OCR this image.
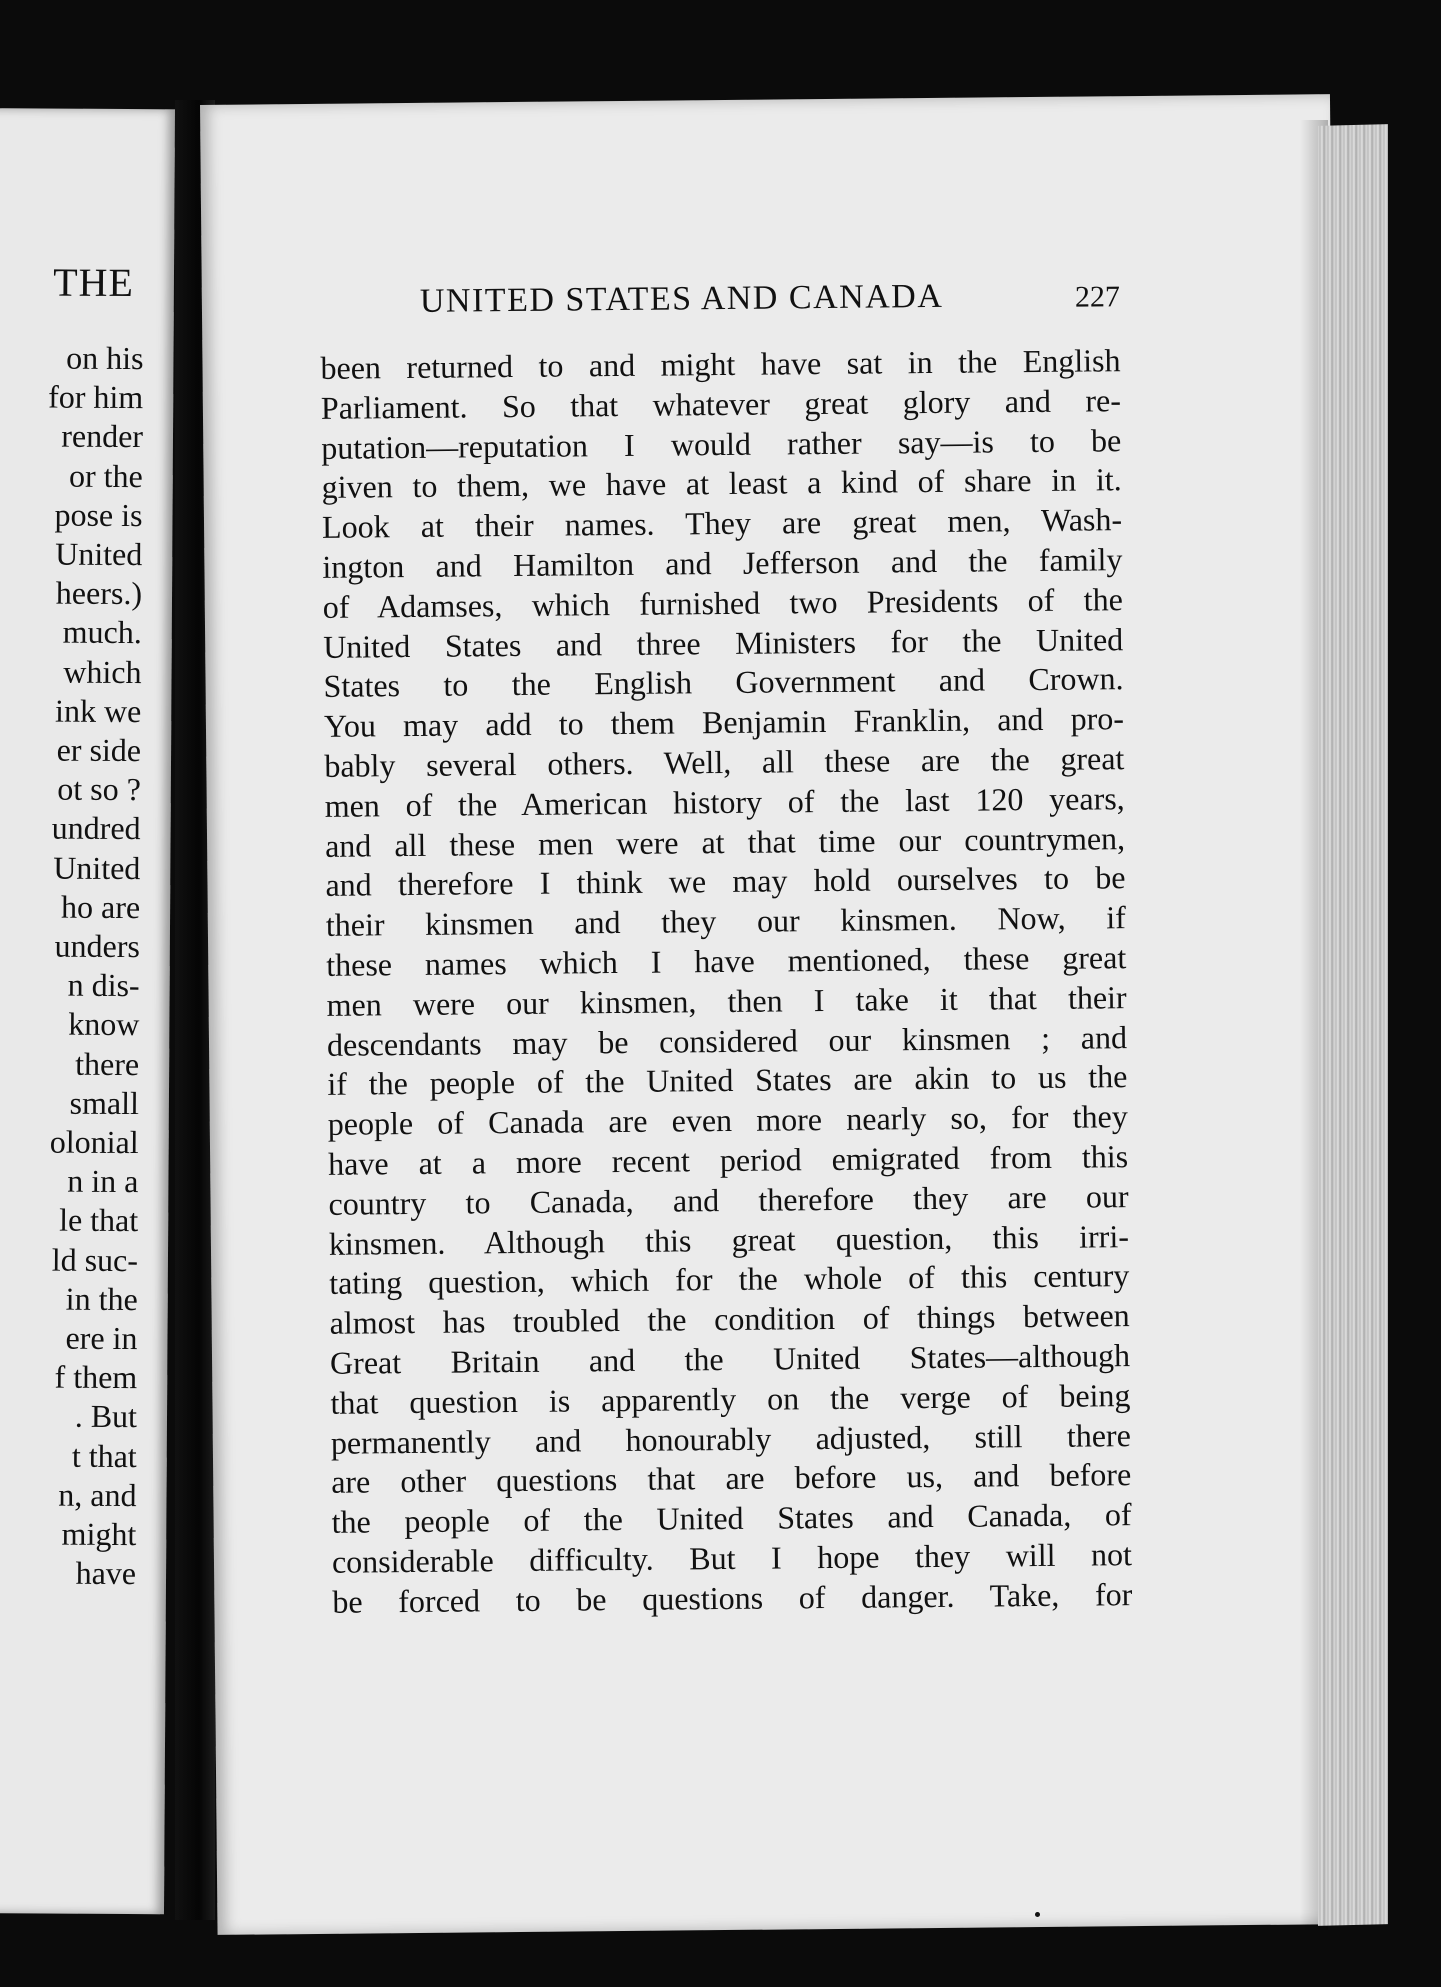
THE
on his
for him
render
or the
pose is
United
heers.)
much.
which
ink we
er side
ot so ?
undred
United
ho are
unders
n dis-
know
there
small
olonial
n in a
le that
ld suc-
in the
ere in
f them
. But
t that
n, and
might
have
UNITED STATES AND CANADA	227
been returned to and might have sat in the English
Parliament. So that whatever great glory and re-
putation—reputation I would rather say—is to be
given to them, we have at least a kind of share in it.
Look at their names. They are great men, Wash-
ington and Hamilton and Jefferson and the family
of Adamses, which furnished two Presidents of the
United States and three Ministers for the United
States to the English Government and Crown.
You may add to them Benjamin Franklin, and pro-
bably several others. Well, all these are the great
men of the American history of the last 120 years,
and all these men were at that time our countrymen,
and therefore I think we may hold ourselves to be
their kinsmen and they our kinsmen. Now, if
these names which I have mentioned, these great
men were our kinsmen, then I take it that their
descendants may be considered our kinsmen ; and
if the people of the United States are akin to us the
people of Canada are even more nearly so, for they
have at a more recent period emigrated from this
country to Canada, and therefore they are our
kinsmen. Although this great question, this irri-
tating question, which for the whole of this century
almost has troubled the condition of things between
Great Britain and the United States—although
that question is apparently on the verge of being
permanently and honourably adjusted, still there
are other questions that are before us, and before
the people of the United States and Canada, of
considerable difficulty. But I hope they will not
be forced to be questions of danger. Take, for
